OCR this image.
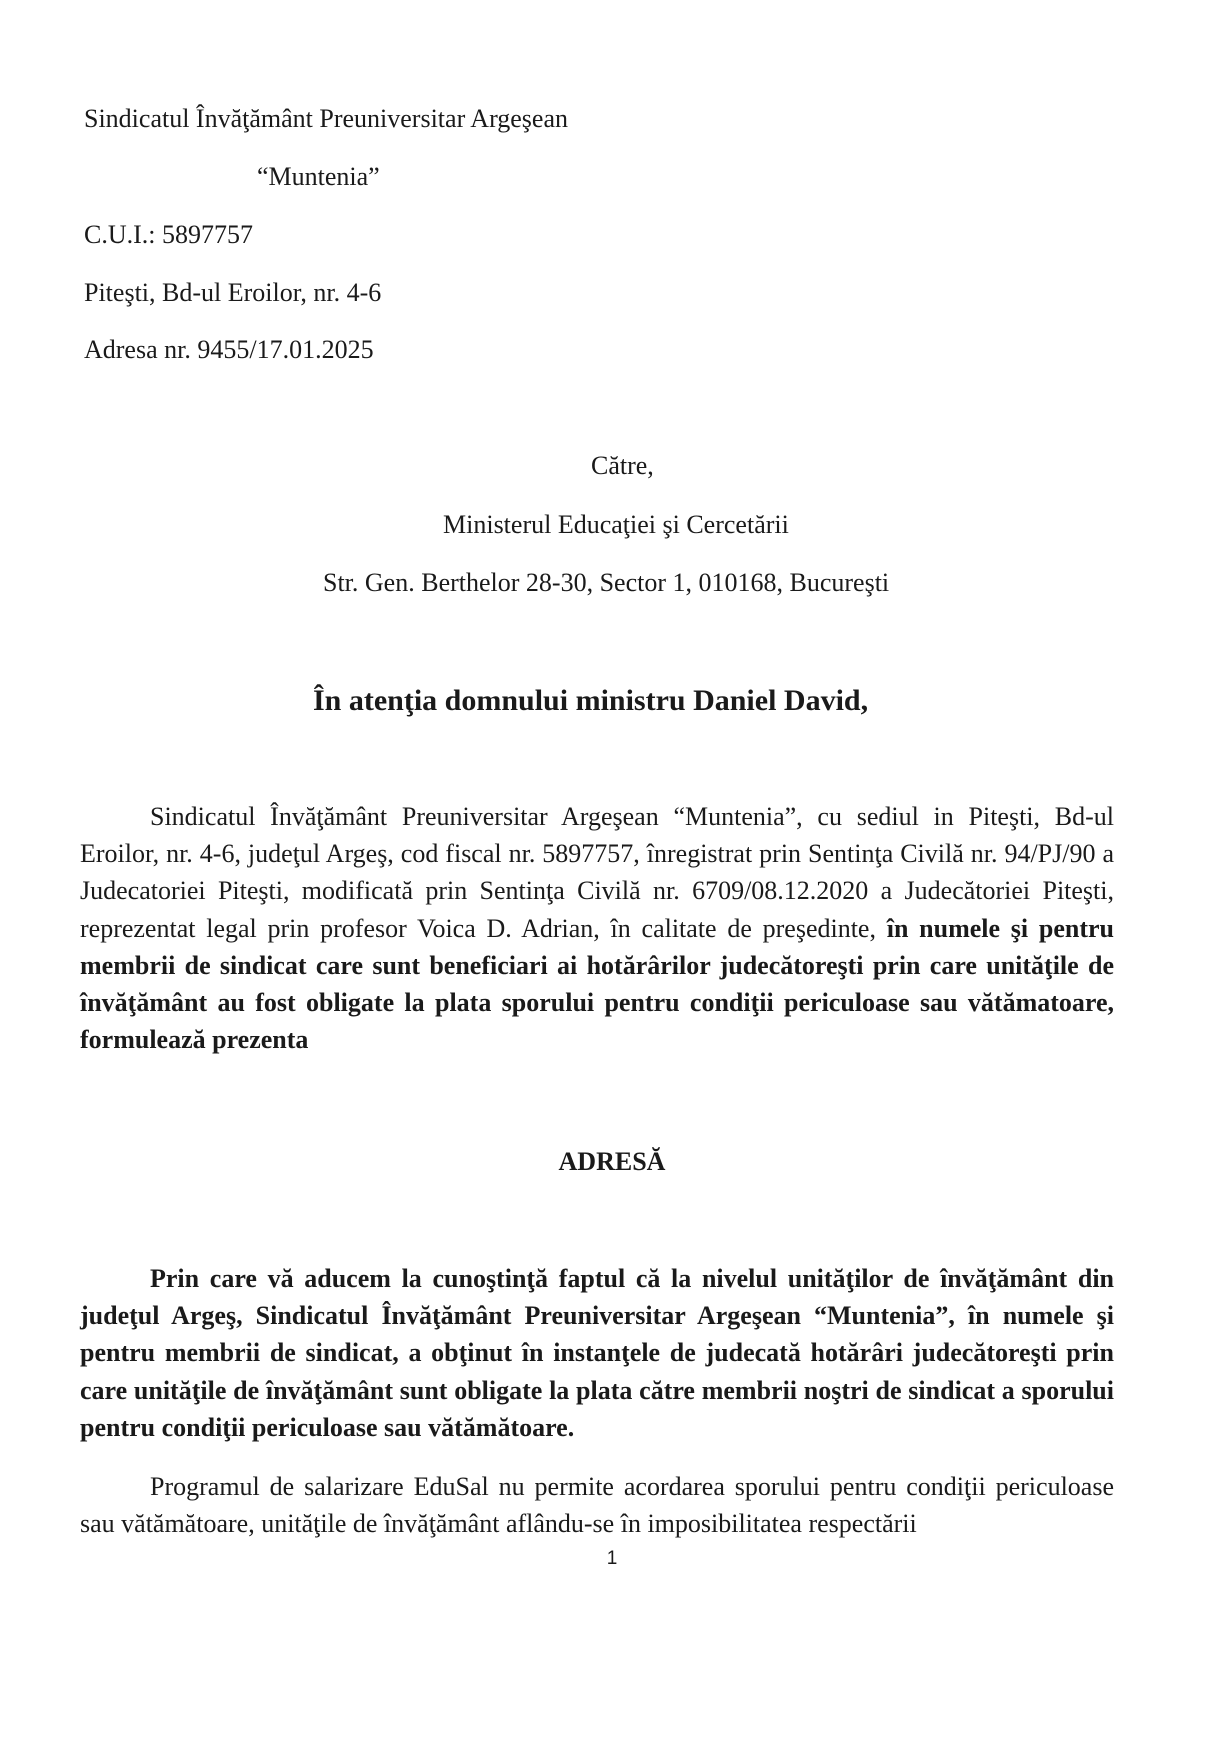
Sindicatul Învăţământ Preuniversitar Argeşean
“Muntenia”
C.U.I.: 5897757
Piteşti, Bd-ul Eroilor, nr. 4-6
Adresa nr. 9455/17.01.2025
Către,
Ministerul Educaţiei şi Cercetării
Str. Gen. Berthelor 28-30, Sector 1, 010168, Bucureşti
În atenţia domnului ministru Daniel David,
Sindicatul Învăţământ Preuniversitar Argeşean “Muntenia”, cu sediul in Piteşti, Bd-ul Eroilor, nr. 4-6, judeţul Argeş, cod fiscal nr. 5897757, înregistrat prin Sentinţa Civilă nr. 94/PJ/90 a Judecatoriei Piteşti, modificată prin Sentinţa Civilă nr. 6709/08.12.2020 a Judecătoriei Piteşti, reprezentat legal prin profesor Voica D. Adrian, în calitate de preşedinte, în numele şi pentru membrii de sindicat care sunt beneficiari ai hotărârilor judecătoreşti prin care unităţile de învăţământ au fost obligate la plata sporului pentru condiţii periculoase sau vătămatoare, formulează prezenta
ADRESĂ
Prin care vă aducem la cunoştinţă faptul că la nivelul unităţilor de învăţământ din judeţul Argeş, Sindicatul Învăţământ Preuniversitar Argeşean “Muntenia”, în numele şi pentru membrii de sindicat, a obţinut în instanţele de judecată hotărâri judecătoreşti prin care unităţile de învăţământ sunt obligate la plata către membrii noştri de sindicat a sporului pentru condiţii periculoase sau vătămătoare.
Programul de salarizare EduSal nu permite acordarea sporului pentru condiţii periculoase sau vătămătoare, unităţile de învăţământ aflându-se în imposibilitatea respectării
1
